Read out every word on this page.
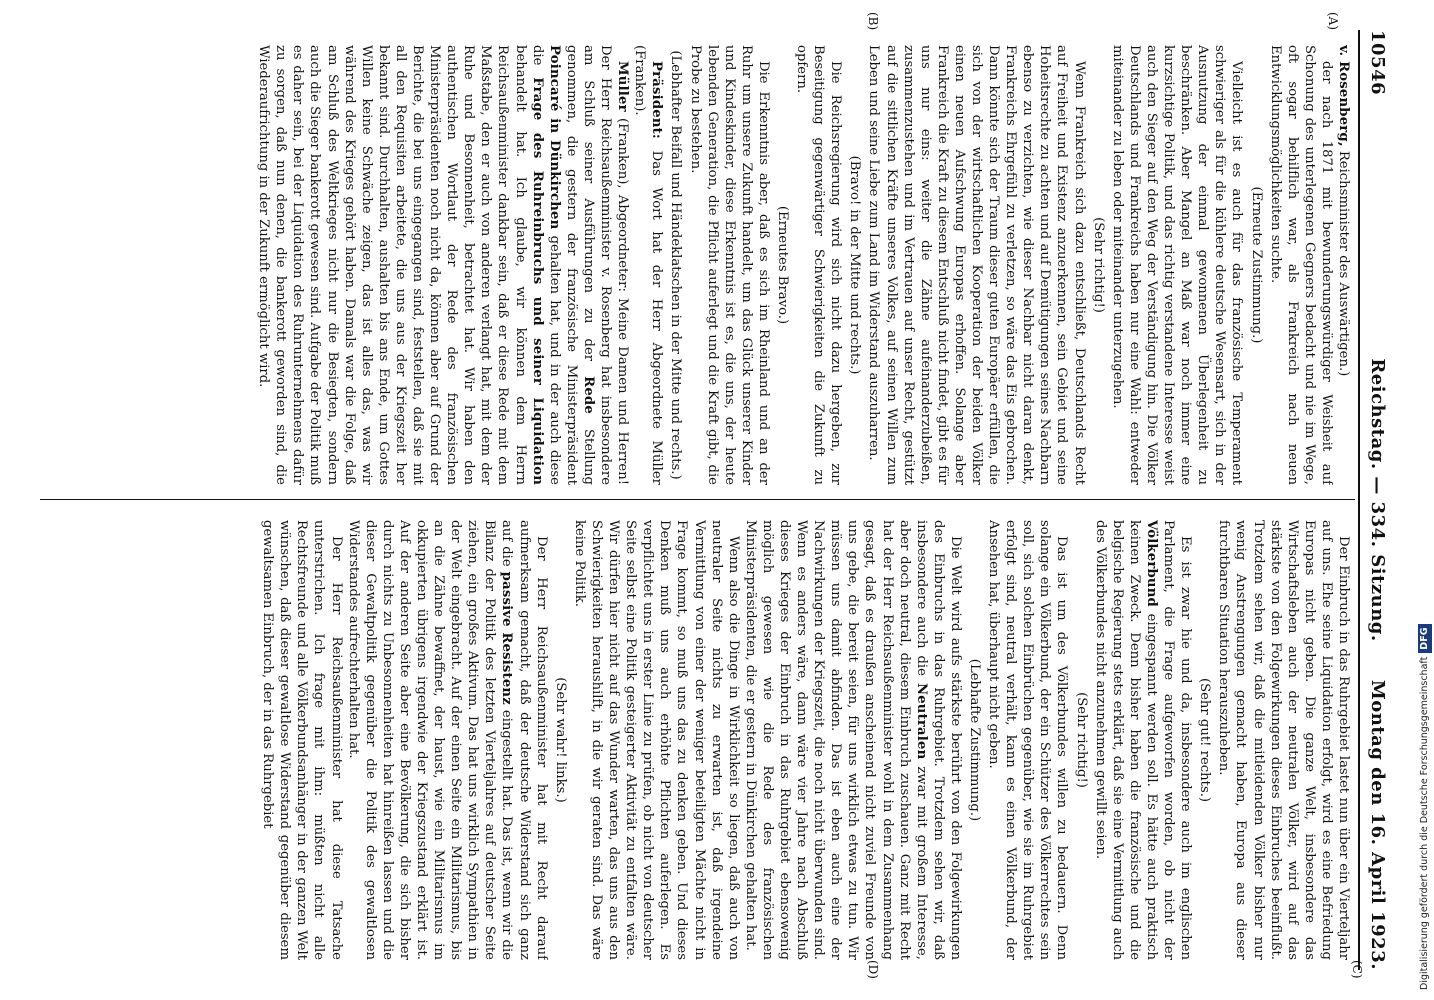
10546
Reichstag. — 334. Sitzung.
Montag den 16. April 1923.
(A)
(B)
(C)
(D)

v. Rosenberg, Reichsminister des Auswärtigen.)

der nach 1871 mit bewunderungswürdiger Weisheit auf Schonung des unterlegenen Gegners bedacht und nie im Wege, oft sogar behilflich war, als Frankreich nach neuen Entwicklungsmöglichkeiten suchte.

(Erneute Zustimmung.)

Vielleicht ist es auch für das französische Temperament schwieriger als für die kühlere deutsche Wesensart, sich in der Ausnutzung der einmal gewonnenen Überlegenheit zu beschränken. Aber Mangel an Maß war noch immer eine kurzsichtige Politik, und das richtig verstandene Interesse weist auch den Sieger auf den Weg der Verständigung hin. Die Völker Deutschlands und Frankreichs haben nur eine Wahl: entweder miteinander zu leben oder miteinander unterzugehen.

(Sehr richtig!)

Wenn Frankreich sich dazu entschließt, Deutschlands Recht auf Freiheit und Existenz anzuerkennen, sein Gebiet und seine Hoheitsrechte zu achten und auf Demütigungen seines Nachbarn ebenso zu verzichten, wie dieser Nachbar nicht daran denkt, Frankreichs Ehrgefühl zu verletzen, so wäre das Eis gebrochen. Dann könnte sich der Traum dieser guten Europäer erfüllen, die sich von der wirtschaftlichen Kooperation der beiden Völker einen neuen Aufschwung Europas erhoffen. Solange aber Frankreich die Kraft zu diesem Entschluß nicht findet, gibt es für uns nur eins: weiter die Zähne aufeinanderzubeißen, zusammenzustehen und im Vertrauen auf unser Recht, gestützt auf die sittlichen Kräfte unseres Volkes, auf seinen Willen zum Leben und seine Liebe zum Land im Widerstand auszuharren.

(Bravo! in der Mitte und rechts.)

Die Reichsregierung wird sich nicht dazu hergeben, zur Beseitigung gegenwärtiger Schwierigkeiten die Zukunft zu opfern.

(Erneutes Bravo.)

Die Erkenntnis aber, daß es sich im Rheinland und an der Ruhr um unsere Zukunft handelt, um das Glück unserer Kinder und Kindeskinder, diese Erkenntnis ist es, die uns, der heute lebenden Generation, die Pflicht auferlegt und die Kraft gibt, die Probe zu bestehen.

(Lebhafter Beifall und Händeklatschen in der Mitte und rechts.)

Präsident: Das Wort hat der Herr Abgeordnete Müller (Franken).

Müller (Franken), Abgeordneter: Meine Damen und Herren! Der Herr Reichsaußenminister v. Rosenberg hat insbesondere am Schluß seiner Ausführungen zu der Rede Stellung genommen, die gestern der französische Ministerpräsident Poincaré in Dünkirchen gehalten hat, und in der auch diese die Frage des Ruhreinbruchs und seiner Liquidation behandelt hat. Ich glaube, wir können dem Herrn Reichsaußenminister dankbar sein, daß er diese Rede mit dem Maßstabe, den er auch von anderen verlangt hat, mit dem der Ruhe und Besonnenheit, betrachtet hat. Wir haben den authentischen Wortlaut der Rede des französischen Ministerpräsidenten noch nicht da, können aber auf Grund der Berichte, die bei uns eingegangen sind, feststellen, daß sie mit all den Requisiten arbeitete, die uns aus der Kriegszeit her bekannt sind. Durchhalten, aushalten bis ans Ende, um Gottes Willen keine Schwäche zeigen, das ist alles das, was wir während des Krieges gehört haben. Damals war die Folge, daß am Schluß des Weltkrieges nicht nur die Besiegten, sondern auch die Sieger bankerott gewesen sind. Aufgabe der Politik muß es daher sein, bei der Liquidation des Ruhrunternehmens dafür zu sorgen, daß nun denen, die bankerott geworden sind, die Wiederaufrichtung in der Zukunft ermöglicht wird.

Der Einbruch in das Ruhrgebiet lastet nun über ein Vierteljahr auf uns. Ehe seine Liquidation erfolgt, wird es eine Befriedung Europas nicht geben. Die ganze Welt, insbesondere das Wirtschaftsleben auch der neutralen Völker, wird auf das stärkste von den Folgewirkungen dieses Einbruches beeinflußt. Trotzdem sehen wir, daß die mitleidenden Völker bisher nur wenig Anstrengungen gemacht haben, Europa aus dieser furchtbaren Situation herauszuheben.

(Sehr gut! rechts.)

Es ist zwar hie und da, insbesondere auch im englischen Parlament, die Frage aufgeworfen worden, ob nicht der Völkerbund eingespannt werden soll. Es hätte auch praktisch keinen Zweck. Denn bisher haben die französische und die belgische Regierung stets erklärt, daß sie eine Vermittlung auch des Völkerbundes nicht anzunehmen gewillt seien.

(Sehr richtig!)

Das ist um des Völkerbundes willen zu bedauern. Denn solange ein Völkerbund, der ein Schützer des Völkerrechtes sein soll, sich solchen Einbrüchen gegenüber, wie sie im Ruhrgebiet erfolgt sind, neutral verhält, kann es einen Völkerbund, der Ansehen hat, überhaupt nicht geben.

(Lebhafte Zustimmung.)

Die Welt wird aufs stärkste berührt von den Folgewirkungen des Einbruchs in das Ruhrgebiet. Trotzdem sehen wir, daß insbesondere auch die Neutralen zwar mit großem Interesse, aber doch neutral, diesem Einbruch zuschauen. Ganz mit Recht hat der Herr Reichsaußenminister wohl in dem Zusammenhang gesagt, daß es draußen anscheinend nicht zuviel Freunde von uns gebe, die bereit seien, für uns wirklich etwas zu tun. Wir müssen uns damit abfinden. Das ist eben auch eine der Nachwirkungen der Kriegszeit, die noch nicht überwunden sind. Wenn es anders wäre, dann wäre vier Jahre nach Abschluß dieses Krieges der Einbruch in das Ruhrgebiet ebensowenig möglich gewesen wie die Rede des französischen Ministerpräsidenten, die er gestern in Dünkirchen gehalten hat.

Wenn also die Dinge in Wirklichkeit so liegen, daß auch von neutraler Seite nichts zu erwarten ist, daß irgendeine Vermittlung von einer der weniger beteiligten Mächte nicht in Frage kommt, so muß uns das zu denken geben. Und dieses Denken muß uns auch erhöhte Pflichten auferlegen. Es verpflichtet uns in erster Linie zu prüfen, ob nicht von deutscher Seite selbst eine Politik gesteigerter Aktivität zu entfalten wäre. Wir dürfen hier nicht auf das Wunder warten, das uns aus den Schwierigkeiten heraushilft, in die wir geraten sind. Das wäre keine Politik.

(Sehr wahr! links.)

Der Herr Reichsaußenminister hat mit Recht darauf aufmerksam gemacht, daß der deutsche Widerstand sich ganz auf die passive Resistenz eingestellt hat. Das ist, wenn wir die Bilanz der Politik des letzten Vierteljahres auf deutscher Seite ziehen, ein großes Aktivum. Das hat uns wirklich Sympathien in der Welt eingebracht. Auf der einen Seite ein Militarismus, bis an die Zähne bewaffnet, der haust, wie ein Militarismus im okkupierten übrigens irgendwie der Kriegszustand erklärt ist. Auf der anderen Seite aber eine Bevölkerung, die sich bisher durch nichts zu Unbesonnenheiten hat hinreißen lassen und die dieser Gewaltpolitik gegenüber die Politik des gewaltlosen Widerstandes aufrechterhalten hat.

Der Herr Reichsaußenminister hat diese Tatsache unterstrichen. Ich frage mit ihm: müßten nicht alle Rechtsfreunde und alle Völkerbundsanhänger in der ganzen Welt wünschen, daß dieser gewaltlose Widerstand gegenüber diesem gewaltsamen Einbruch, der in das Ruhrgebiet	Digitalisierung gefördert durch die Deutsche ForschungsgemeinschaftDFG
